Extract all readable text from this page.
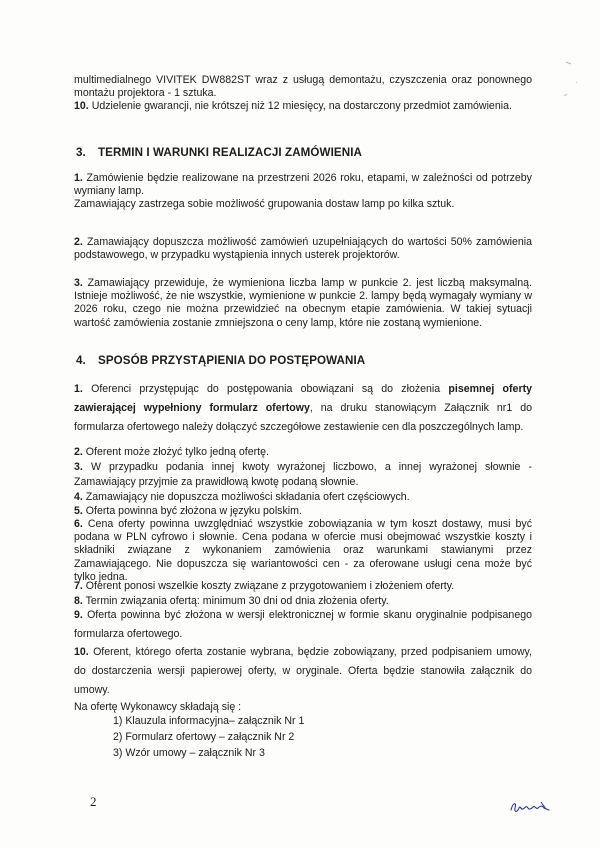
multimedialnego VIVITEK DW882ST wraz z usługą demontażu, czyszczenia oraz ponownego montażu projektora - 1 sztuka.
10. Udzielenie gwarancji, nie krótszej niż 12 miesięcy, na dostarczony przedmiot zamówienia.

3. TERMIN I WARUNKI REALIZACJI ZAMÓWIENIA

1. Zamówienie będzie realizowane na przestrzeni 2026 roku, etapami, w zależności od potrzeby wymiany lamp.
Zamawiający zastrzega sobie możliwość grupowania dostaw lamp po kilka sztuk.

2. Zamawiający dopuszcza możliwość zamówień uzupełniających do wartości 50% zamówienia podstawowego, w przypadku wystąpienia innych usterek projektorów.

3. Zamawiający przewiduje, że wymieniona liczba lamp w punkcie 2. jest liczbą maksymalną. Istnieje możliwość, że nie wszystkie, wymienione w punkcie 2. lampy będą wymagały wymiany w 2026 roku, czego nie można przewidzieć na obecnym etapie zamówienia. W takiej sytuacji wartość zamówienia zostanie zmniejszona o ceny lamp, które nie zostaną wymienione.

4. SPOSÓB PRZYSTĄPIENIA DO POSTĘPOWANIA

1. Oferenci przystępując do postępowania obowiązani są do złożenia pisemnej oferty zawierającej wypełniony formularz ofertowy, na druku stanowiącym Załącznik nr1 do formularza ofertowego należy dołączyć szczegółowe zestawienie cen dla poszczególnych lamp.

2. Oferent może złożyć tylko jedną ofertę.

3. W przypadku podania innej kwoty wyrażonej liczbowo, a innej wyrażonej słownie - Zamawiający przyjmie za prawidłową kwotę podaną słownie.

4. Zamawiający nie dopuszcza możliwości składania ofert częściowych.

5. Oferta powinna być złożona w języku polskim.

6. Cena oferty powinna uwzględniać wszystkie zobowiązania w tym koszt dostawy, musi być podana w PLN cyfrowo i słownie. Cena podana w ofercie musi obejmować wszystkie koszty i składniki związane z wykonaniem zamówienia oraz warunkami stawianymi przez Zamawiającego. Nie dopuszcza się wariantowości cen - za oferowane usługi cena może być tylko jedna.

7. Oferent ponosi wszelkie koszty związane z przygotowaniem i złożeniem oferty.

8. Termin związania ofertą: minimum 30 dni od dnia złożenia oferty.

9. Oferta powinna być złożona w wersji elektronicznej w formie skanu oryginalnie podpisanego formularza ofertowego.

10. Oferent, którego oferta zostanie wybrana, będzie zobowiązany, przed podpisaniem umowy, do dostarczenia wersji papierowej oferty, w oryginale. Oferta będzie stanowiła załącznik do umowy.

Na ofertę Wykonawcy składają się :

1) Klauzula informacyjna– załącznik Nr 1
2) Formularz ofertowy – załącznik Nr 2
3) Wzór umowy – załącznik Nr 3
2
